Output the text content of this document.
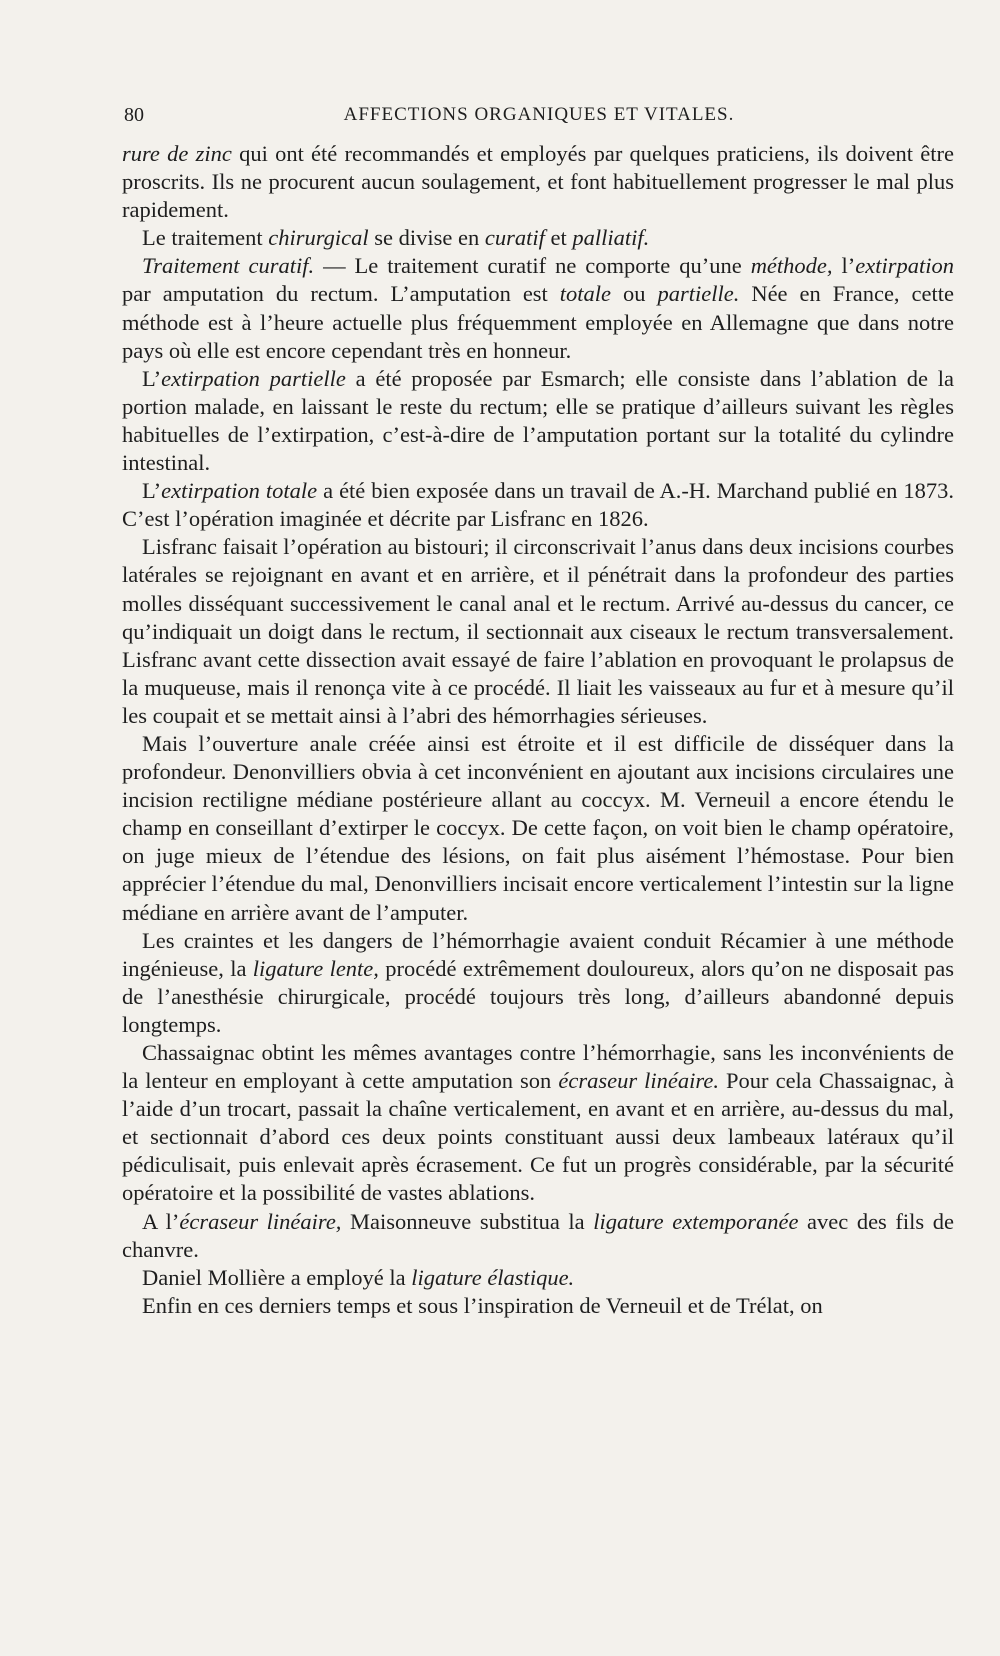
80	AFFECTIONS ORGANIQUES ET VITALES.

rure de zinc qui ont été recommandés et employés par quelques praticiens, ils doivent être proscrits. Ils ne procurent aucun soulagement, et font habituellement progresser le mal plus rapidement.

Le traitement chirurgical se divise en curatif et palliatif.

Traitement curatif. — Le traitement curatif ne comporte qu’une méthode, l’extirpation par amputation du rectum. L’amputation est totale ou partielle. Née en France, cette méthode est à l’heure actuelle plus fréquemment employée en Allemagne que dans notre pays où elle est encore cependant très en honneur.

L’extirpation partielle a été proposée par Esmarch; elle consiste dans l’ablation de la portion malade, en laissant le reste du rectum; elle se pratique d’ailleurs suivant les règles habituelles de l’extirpation, c’est-à-dire de l’amputation portant sur la totalité du cylindre intestinal.

L’extirpation totale a été bien exposée dans un travail de A.-H. Marchand publié en 1873. C’est l’opération imaginée et décrite par Lisfranc en 1826.

Lisfranc faisait l’opération au bistouri; il circonscrivait l’anus dans deux incisions courbes latérales se rejoignant en avant et en arrière, et il pénétrait dans la profondeur des parties molles disséquant successivement le canal anal et le rectum. Arrivé au-dessus du cancer, ce qu’indiquait un doigt dans le rectum, il sectionnait aux ciseaux le rectum transversalement. Lisfranc avant cette dissection avait essayé de faire l’ablation en provoquant le prolapsus de la muqueuse, mais il renonça vite à ce procédé. Il liait les vaisseaux au fur et à mesure qu’il les coupait et se mettait ainsi à l’abri des hémorrhagies sérieuses.

Mais l’ouverture anale créée ainsi est étroite et il est difficile de disséquer dans la profondeur. Denonvilliers obvia à cet inconvénient en ajoutant aux incisions circulaires une incision rectiligne médiane postérieure allant au coccyx. M. Verneuil a encore étendu le champ en conseillant d’extirper le coccyx. De cette façon, on voit bien le champ opératoire, on juge mieux de l’étendue des lésions, on fait plus aisément l’hémostase. Pour bien apprécier l’étendue du mal, Denonvilliers incisait encore verticalement l’intestin sur la ligne médiane en arrière avant de l’amputer.

Les craintes et les dangers de l’hémorrhagie avaient conduit Récamier à une méthode ingénieuse, la ligature lente, procédé extrêmement douloureux, alors qu’on ne disposait pas de l’anesthésie chirurgicale, procédé toujours très long, d’ailleurs abandonné depuis longtemps.

Chassaignac obtint les mêmes avantages contre l’hémorrhagie, sans les inconvénients de la lenteur en employant à cette amputation son écraseur linéaire. Pour cela Chassaignac, à l’aide d’un trocart, passait la chaîne verticalement, en avant et en arrière, au-dessus du mal, et sectionnait d’abord ces deux points constituant aussi deux lambeaux latéraux qu’il pédiculisait, puis enlevait après écrasement. Ce fut un progrès considérable, par la sécurité opératoire et la possibilité de vastes ablations.

A l’écraseur linéaire, Maisonneuve substitua la ligature extemporanée avec des fils de chanvre.

Daniel Mollière a employé la ligature élastique.

Enfin en ces derniers temps et sous l’inspiration de Verneuil et de Trélat, on
